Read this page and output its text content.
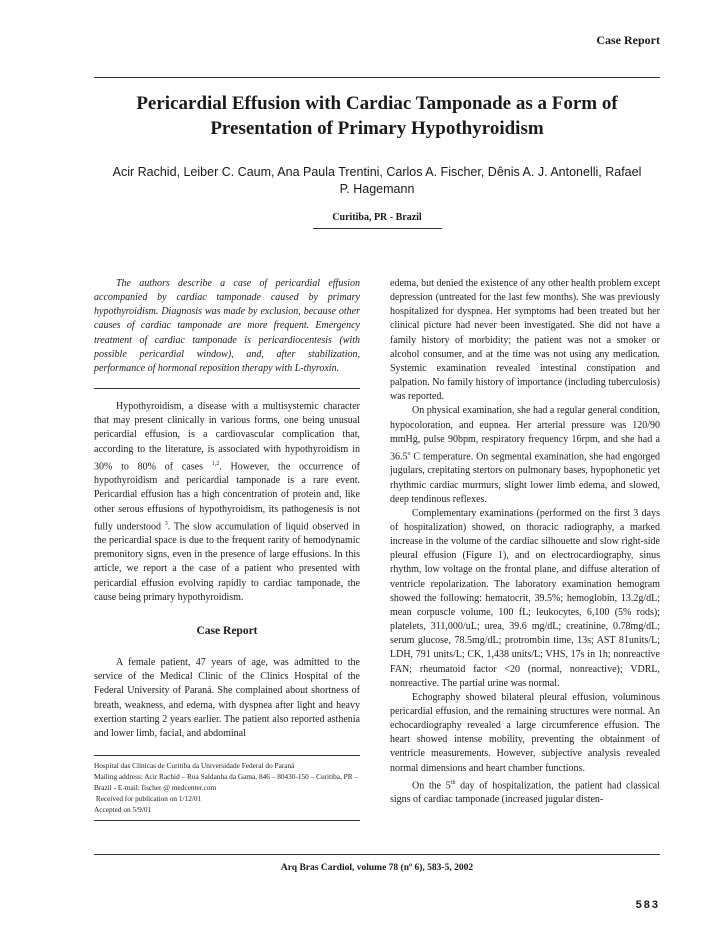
Case Report
Pericardial Effusion with Cardiac Tamponade as a Form of Presentation of Primary Hypothyroidism
Acir Rachid, Leiber C. Caum, Ana Paula Trentini, Carlos A. Fischer, Dênis A. J. Antonelli, Rafael P. Hagemann
Curitiba, PR - Brazil

The authors describe a case of pericardial effusion accompanied by cardiac tamponade caused by primary hypothyroidism. Diagnosis was made by exclusion, because other causes of cardiac tamponade are more frequent. Emergency treatment of cardiac tamponade is pericardiocentesis (with possible pericardial window), and, after stabilization, performance of hormonal reposition therapy with L-thyroxin.

Hypothyroidism, a disease with a multisystemic character that may present clinically in various forms, one being unusual pericardial effusion, is a cardiovascular complication that, according to the literature, is associated with hypothyroidism in 30% to 80% of cases $^{1,2}$. However, the occurrence of hypothyroidism and pericardial tamponade is a rare event. Pericardial effusion has a high concentration of protein and, like other serous effusions of hypothyroidism, its pathogenesis is not fully understood $^3$. The slow accumulation of liquid observed in the pericardial space is due to the frequent rarity of hemodynamic premonitory signs, even in the presence of large effusions. In this article, we report a the case of a patient who presented with pericardial effusion evolving rapidly to cardiac tamponade, the cause being primary hypothyroidism.

Case Report

A female patient, 47 years of age, was admitted to the service of the Medical Clinic of the Clinics Hospital of the Federal University of Paraná. She complained about shortness of breath, weakness, and edema, with dyspnea after light and heavy exertion starting 2 years earlier. The patient also reported asthenia and lower limb, facial, and abdominal

Hospital das Clínicas de Curitiba da Universidade Federal do Paraná
Mailing address: Acir Rachid – Rua Saldanha da Gama, 846 – 80430-150 – Curitiba, PR – Brazil - E-mail: fischer @ medcenter.com
Received for publication on 1/12/01
Accepted on 5/9/01

edema, but denied the existence of any other health problem except depression (untreated for the last few months). She was previously hospitalized for dyspnea. Her symptoms had been treated but her clinical picture had never been investigated. She did not have a family history of morbidity; the patient was not a smoker or alcohol consumer, and at the time was not using any medication. Systemic examination revealed intestinal constipation and palpation. No family history of importance (including tuberculosis) was reported.

On physical examination, she had a regular general condition, hypocoloration, and eupnea. Her arterial pressure was 120/90 mmHg, pulse 90bpm, respiratory frequency 16rpm, and she had a 36.5$^o$ C temperature. On segmental examination, she had engorged jugulars, crepitating stertors on pulmonary bases, hypophonetic yet rhythmic cardiac murmurs, slight lower limb edema, and slowed, deep tendinous reflexes.

Complementary examinations (performed on the first 3 days of hospitalization) showed, on thoracic radiography, a marked increase in the volume of the cardiac silhouette and slow right-side pleural effusion (Figure 1), and on electrocardiography, sinus rhythm, low voltage on the frontal plane, and diffuse alteration of ventricle repolarization. The laboratory examination hemogram showed the following: hematocrit, 39.5%; hemoglobin, 13.2g/dL; mean corpuscle volume, 100 fL; leukocytes, 6,100 (5% rods); platelets, 311,000/uL; urea, 39.6 mg/dL; creatinine, 0.78mg/dL; serum glucose, 78.5mg/dL; protrombin time, 13s; AST 81units/L; LDH, 791 units/L; CK, 1,438 units/L; VHS, 17s in 1h; nonreactive FAN; rheumatoid factor <20 (normal, nonreactive); VDRL, nonreactive. The partial urine was normal.

Echography showed bilateral pleural effusion, voluminous pericardial effusion, and the remaining structures were normal. An echocardiography revealed a large circumference effusion. The heart showed intense mobility, preventing the obtainment of ventricle measurements. However, subjective analysis revealed normal dimensions and heart chamber functions.

On the 5th day of hospitalization, the patient had classical signs of cardiac tamponade (increased jugular disten-

Arq Bras Cardiol, volume 78 (nº 6), 583-5, 2002
583
